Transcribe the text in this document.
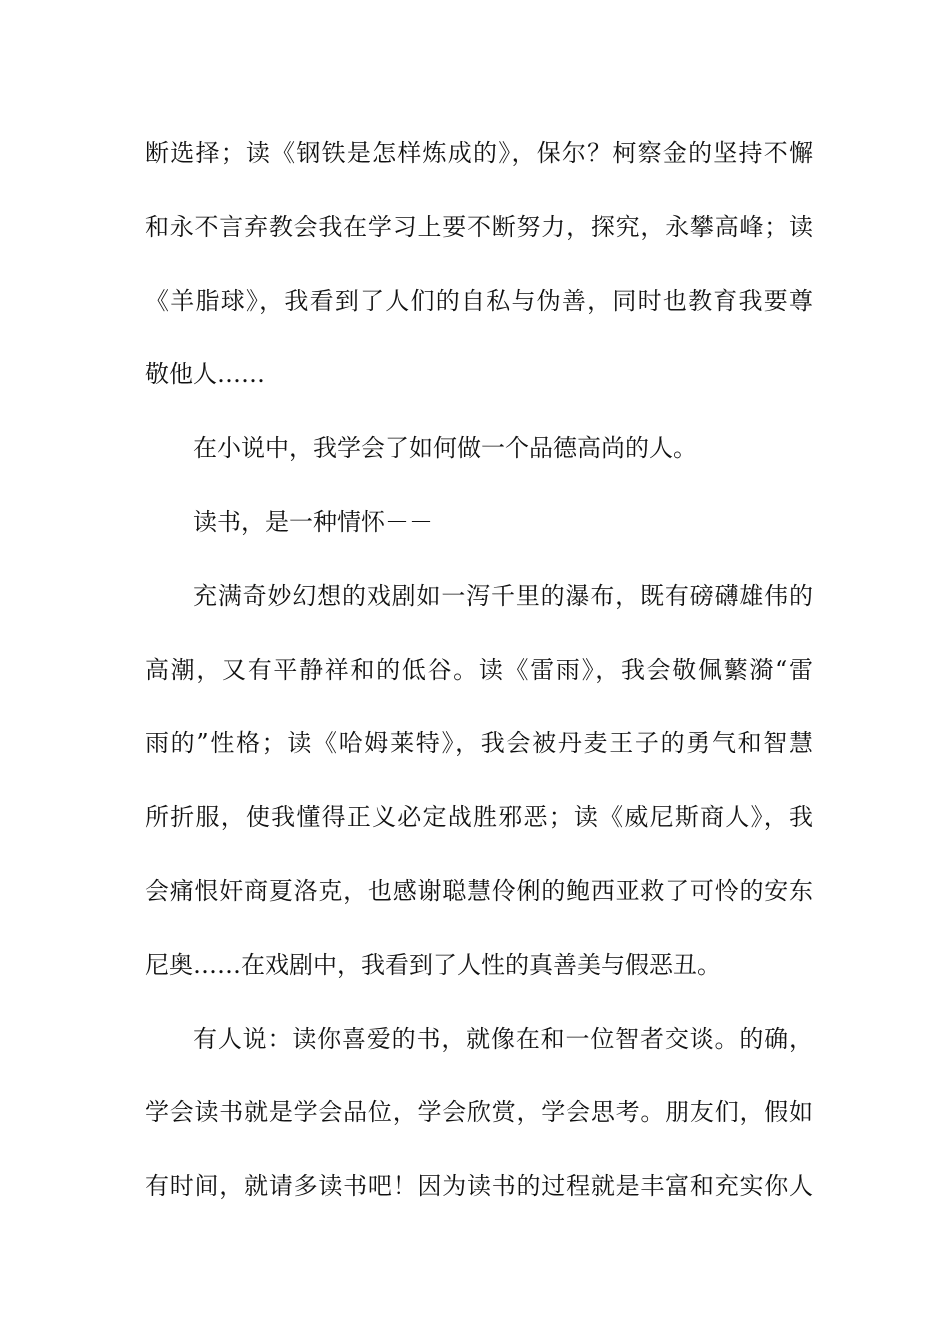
断选择；读《钢铁是怎样炼成的》，保尔？柯察金的坚持不懈
和永不言弃教会我在学习上要不断努力，探究，永攀高峰；读
《羊脂球》，我看到了人们的自私与伪善，同时也教育我要尊
敬他人……
在小说中，我学会了如何做一个品德高尚的人。
读书，是一种情怀－－
充满奇妙幻想的戏剧如一泻千里的瀑布，既有磅礴雄伟的
高潮，又有平静祥和的低谷。读《雷雨》，我会敬佩蘩漪“雷
雨的”性格；读《哈姆莱特》，我会被丹麦王子的勇气和智慧
所折服，使我懂得正义必定战胜邪恶；读《威尼斯商人》，我
会痛恨奸商夏洛克，也感谢聪慧伶俐的鲍西亚救了可怜的安东
尼奥……在戏剧中，我看到了人性的真善美与假恶丑。
有人说：读你喜爱的书，就像在和一位智者交谈。的确，
学会读书就是学会品位，学会欣赏，学会思考。朋友们，假如
有时间，就请多读书吧！因为读书的过程就是丰富和充实你人
